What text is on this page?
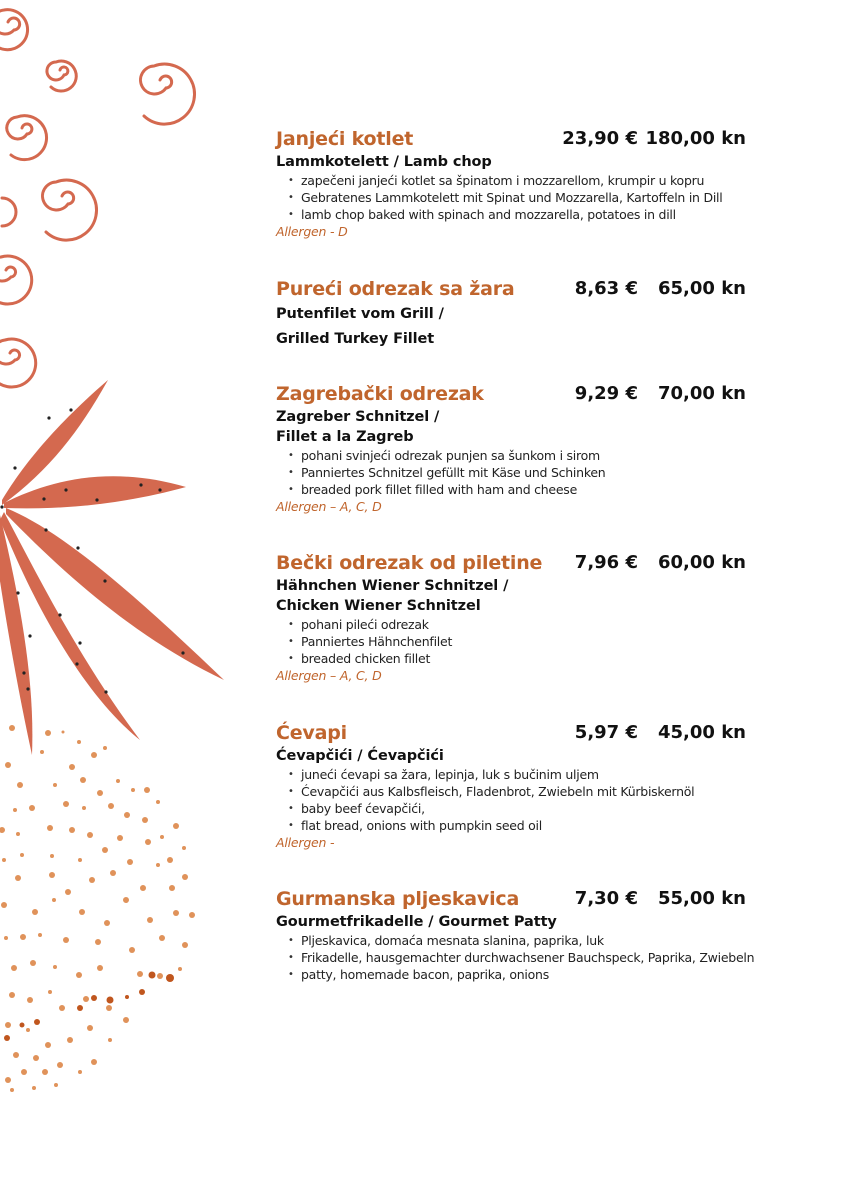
Janjeći kotlet	23,90 € 180,00 kn
Lammkotelett / Lamb chop
• zapečeni janjeći kotlet sa špinatom i mozzarellom, krumpir u kopru
• Gebratenes Lammkotelett mit Spinat und Mozzarella, Kartoffeln in Dill
• lamb chop baked with spinach and mozzarella, potatoes in dill
Allergen - D
Pureći odrezak sa žara	8,63 € 65,00 kn
Putenfilet vom Grill /
Grilled Turkey Fillet
Zagrebački odrezak	9,29 € 70,00 kn
Zagreber Schnitzel /
Fillet a la Zagreb
• pohani svinjeći odrezak punjen sa šunkom i sirom
• Panniertes Schnitzel gefüllt mit Käse und Schinken
• breaded pork fillet filled with ham and cheese
Allergen – A, C, D
Bečki odrezak od piletine 7,96 € 60,00 kn
Hähnchen Wiener Schnitzel /
Chicken Wiener Schnitzel
• pohani pileći odrezak
• Panniertes Hähnchenfilet
• breaded chicken fillet
Allergen – A, C, D
Ćevapi	5,97 € 45,00 kn
Ćevapčići / Ćevapčići
• juneći ćevapi sa žara, lepinja, luk s bučinim uljem
• Ćevapčići aus Kalbsfleisch, Fladenbrot, Zwiebeln mit Kürbiskernöl
• baby beef ćevapčići,
• flat bread, onions with pumpkin seed oil
Allergen -
Gurmanska pljeskavica	7,30 € 55,00 kn
Gourmetfrikadelle / Gourmet Patty
• Pljeskavica, domaća mesnata slanina, paprika, luk
• Frikadelle, hausgemachter durchwachsener Bauchspeck, Paprika, Zwiebeln
• patty, homemade bacon, paprika, onions
